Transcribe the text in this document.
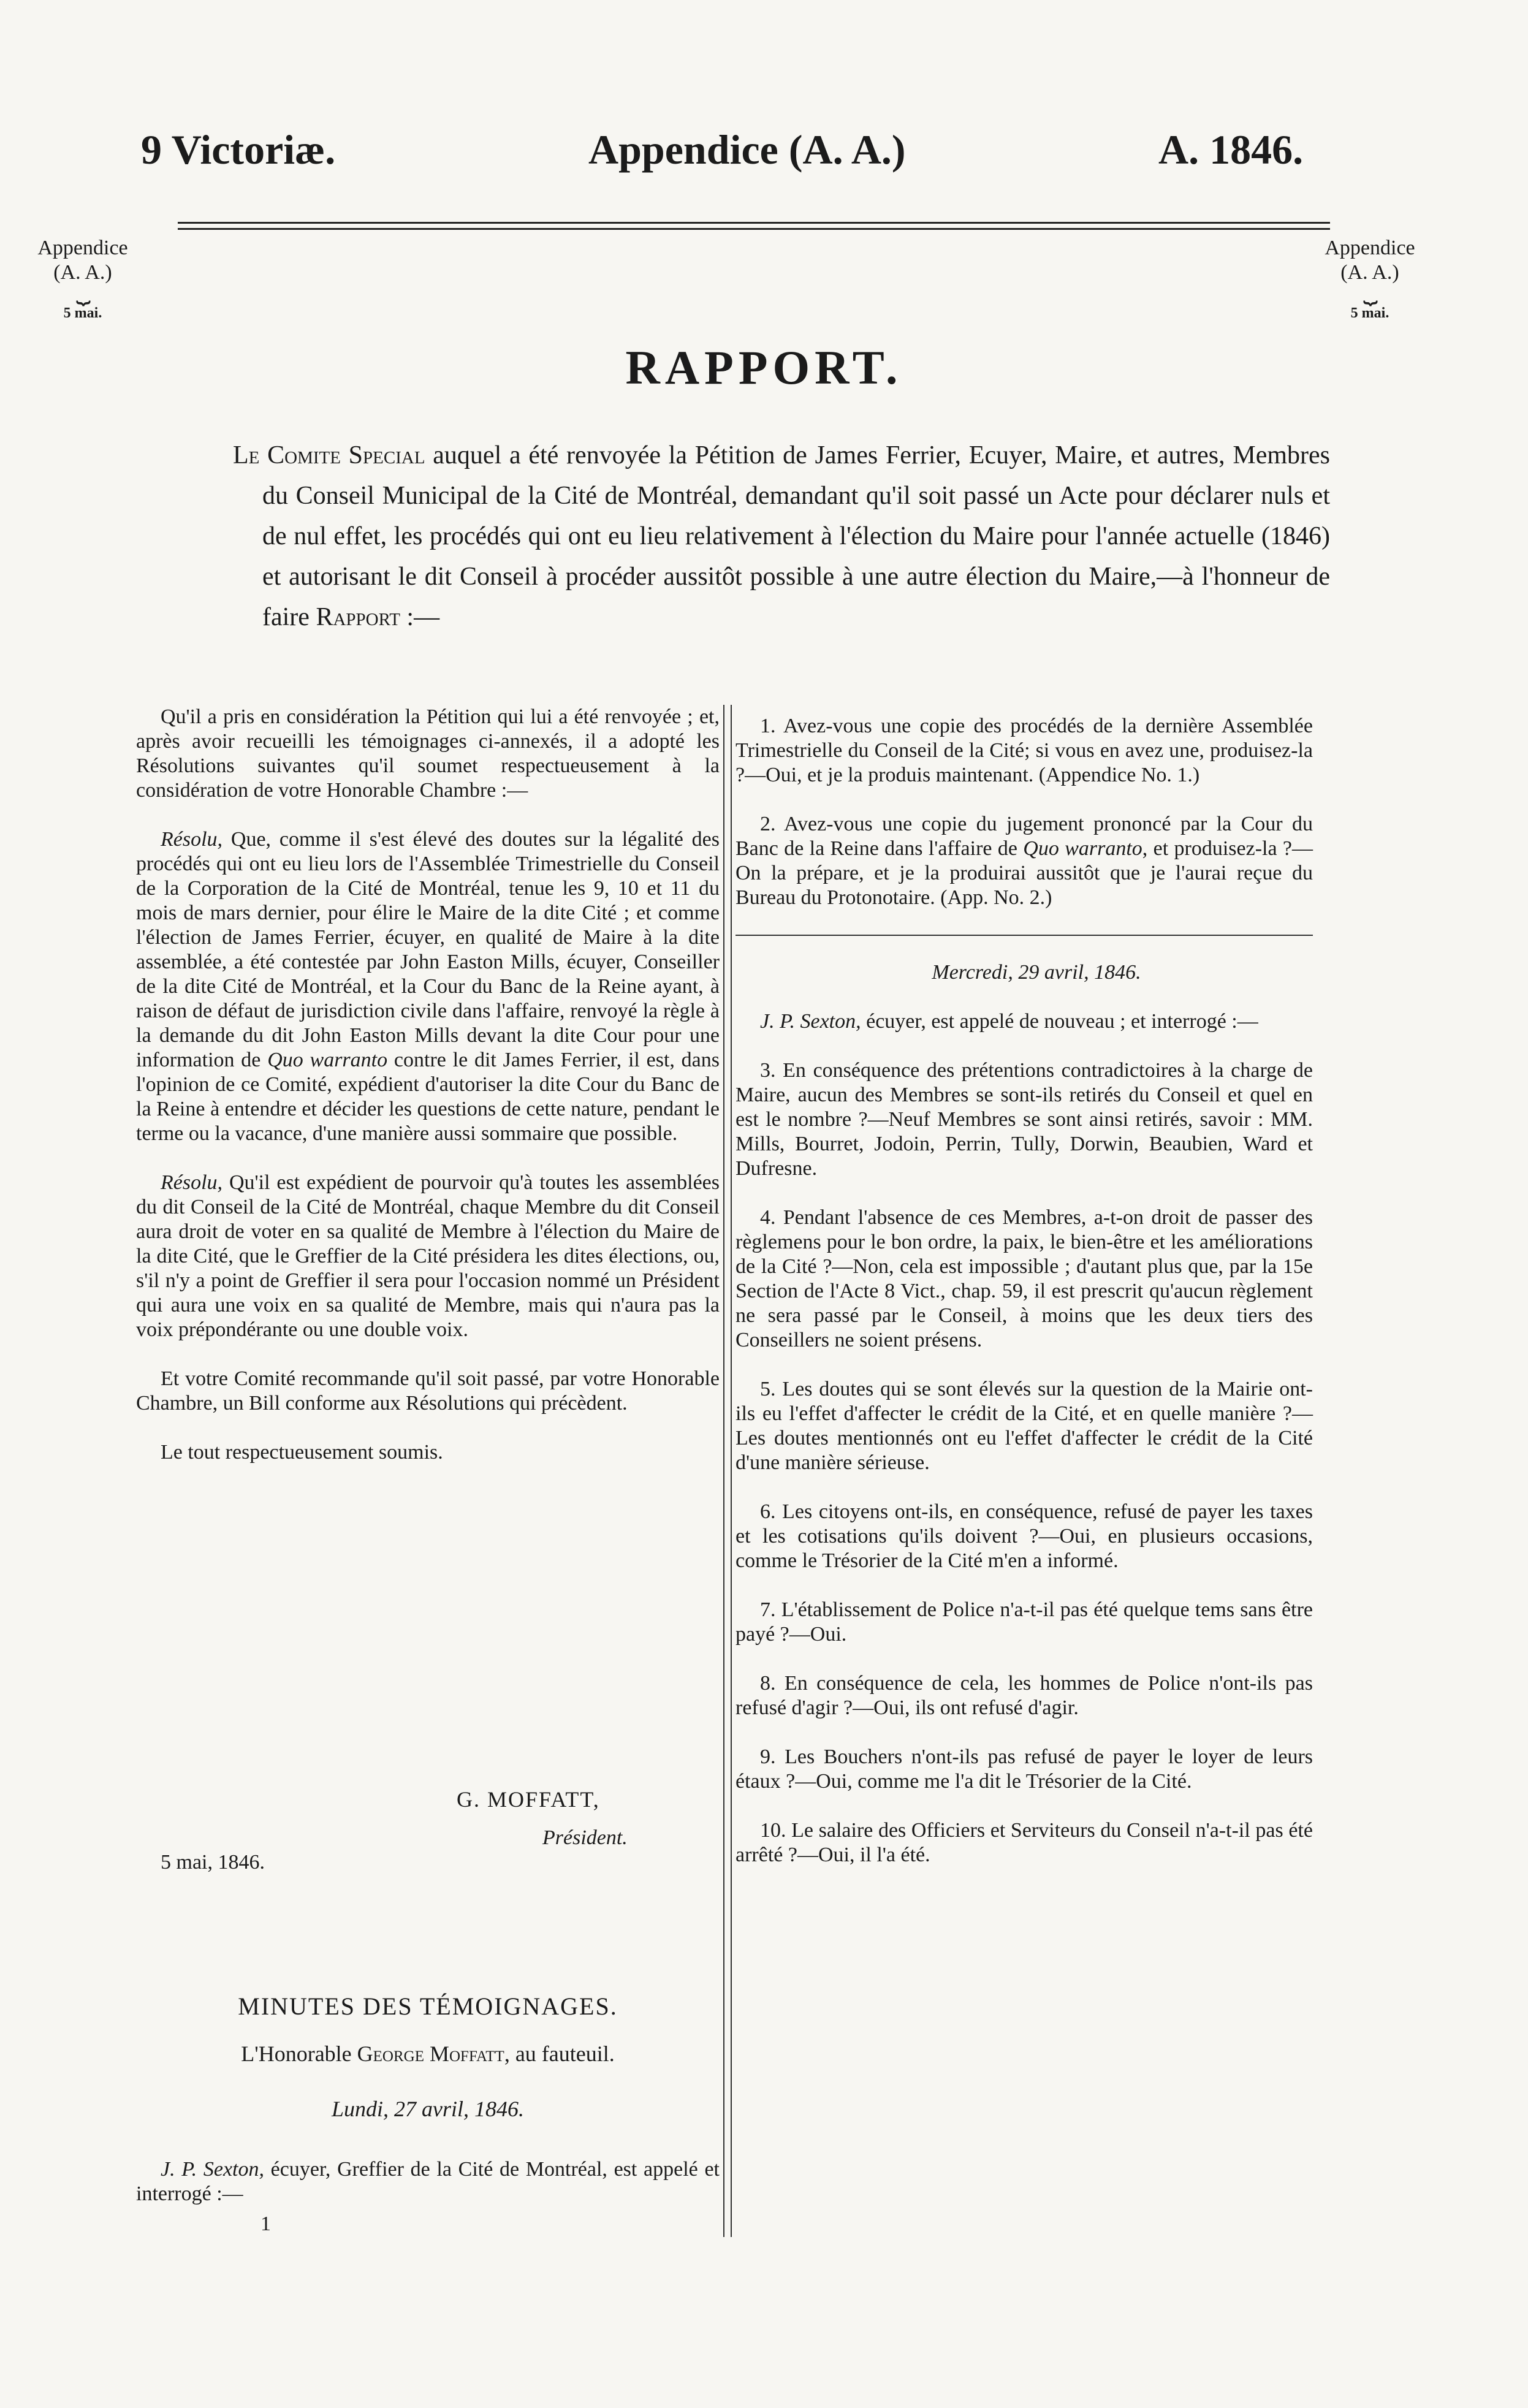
9 Victoriæ.	Appendice (A. A.)	A. 1846.
Appendice
(A. A.)
⏟
5 mai.
Appendice
(A. A.)
⏟
5 mai.
RAPPORT.
Le Comite Special auquel a été renvoyée la Pétition de James Ferrier, Ecuyer, Maire, et autres, Membres du Conseil Municipal de la Cité de Montréal, demandant qu'il soit passé un Acte pour déclarer nuls et de nul effet, les procédés qui ont eu lieu relativement à l'élection du Maire pour l'année actuelle (1846) et autorisant le dit Conseil à procéder aussitôt possible à une autre élection du Maire,—à l'honneur de faire Rapport :—

Qu'il a pris en considération la Pétition qui lui a été renvoyée ; et, après avoir recueilli les témoignages ci-annexés, il a adopté les Résolutions suivantes qu'il soumet respectueusement à la considération de votre Honorable Chambre :—

Résolu, Que, comme il s'est élevé des doutes sur la légalité des procédés qui ont eu lieu lors de l'Assemblée Trimestrielle du Conseil de la Corporation de la Cité de Montréal, tenue les 9, 10 et 11 du mois de mars dernier, pour élire le Maire de la dite Cité ; et comme l'élection de James Ferrier, écuyer, en qualité de Maire à la dite assemblée, a été contestée par John Easton Mills, écuyer, Conseiller de la dite Cité de Montréal, et la Cour du Banc de la Reine ayant, à raison de défaut de jurisdiction civile dans l'affaire, renvoyé la règle à la demande du dit John Easton Mills devant la dite Cour pour une information de Quo warranto contre le dit James Ferrier, il est, dans l'opinion de ce Comité, expédient d'autoriser la dite Cour du Banc de la Reine à entendre et décider les questions de cette nature, pendant le terme ou la vacance, d'une manière aussi sommaire que possible.

Résolu, Qu'il est expédient de pourvoir qu'à toutes les assemblées du dit Conseil de la Cité de Montréal, chaque Membre du dit Conseil aura droit de voter en sa qualité de Membre à l'élection du Maire de la dite Cité, que le Greffier de la Cité présidera les dites élections, ou, s'il n'y a point de Greffier il sera pour l'occasion nommé un Président qui aura une voix en sa qualité de Membre, mais qui n'aura pas la voix prépondérante ou une double voix.

Et votre Comité recommande qu'il soit passé, par votre Honorable Chambre, un Bill conforme aux Résolutions qui précèdent.

Le tout respectueusement soumis.

G. MOFFATT,
Président.
5 mai, 1846.
MINUTES DES TÉMOIGNAGES.
L'Honorable George Moffatt, au fauteuil.
Lundi, 27 avril, 1846.
J. P. Sexton, écuyer, Greffier de la Cité de Montréal, est appelé et interrogé :—
1

1. Avez-vous une copie des procédés de la dernière Assemblée Trimestrielle du Conseil de la Cité; si vous en avez une, produisez-la ?—Oui, et je la produis maintenant. (Appendice No. 1.)

2. Avez-vous une copie du jugement prononcé par la Cour du Banc de la Reine dans l'affaire de Quo warranto, et produisez-la ?—On la prépare, et je la produirai aussitôt que je l'aurai reçue du Bureau du Protonotaire. (App. No. 2.)

Mercredi, 29 avril, 1846.

J. P. Sexton, écuyer, est appelé de nouveau ; et interrogé :—

3. En conséquence des prétentions contradictoires à la charge de Maire, aucun des Membres se sont-ils retirés du Conseil et quel en est le nombre ?—Neuf Membres se sont ainsi retirés, savoir : MM. Mills, Bourret, Jodoin, Perrin, Tully, Dorwin, Beaubien, Ward et Dufresne.

4. Pendant l'absence de ces Membres, a-t-on droit de passer des règlemens pour le bon ordre, la paix, le bien-être et les améliorations de la Cité ?—Non, cela est impossible ; d'autant plus que, par la 15e Section de l'Acte 8 Vict., chap. 59, il est prescrit qu'aucun règlement ne sera passé par le Conseil, à moins que les deux tiers des Conseillers ne soient présens.

5. Les doutes qui se sont élevés sur la question de la Mairie ont-ils eu l'effet d'affecter le crédit de la Cité, et en quelle manière ?—Les doutes mentionnés ont eu l'effet d'affecter le crédit de la Cité d'une manière sérieuse.

6. Les citoyens ont-ils, en conséquence, refusé de payer les taxes et les cotisations qu'ils doivent ?—Oui, en plusieurs occasions, comme le Trésorier de la Cité m'en a informé.

7. L'établissement de Police n'a-t-il pas été quelque tems sans être payé ?—Oui.

8. En conséquence de cela, les hommes de Police n'ont-ils pas refusé d'agir ?—Oui, ils ont refusé d'agir.

9. Les Bouchers n'ont-ils pas refusé de payer le loyer de leurs étaux ?—Oui, comme me l'a dit le Trésorier de la Cité.

10. Le salaire des Officiers et Serviteurs du Conseil n'a-t-il pas été arrêté ?—Oui, il l'a été.
